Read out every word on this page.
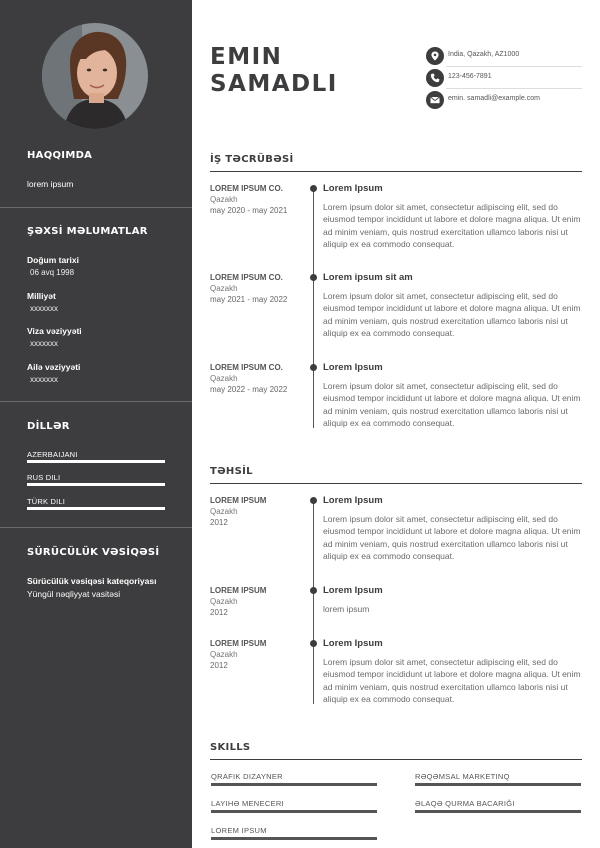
HAQQIMDA
lorem ipsum
ŞƏXSİ MƏLUMATLAR
Doğum tarixi
06 avq 1998
Milliyət
xxxxxxx
Viza vəziyyəti
xxxxxxx
Ailə vəziyyəti
xxxxxxx
DİLLƏR
AZERBAIJANI
RUS DILI
TÜRK DILI
SÜRÜCÜLÜK VƏSİQƏSİ
Sürücülük vəsiqəsi kateqoriyası
Yüngül nəqliyyat vasitəsi
EMIN
SAMADLI
India, Qazakh, AZ1000
123-456-7891
emin. samadli@example.com
İŞ TƏCRÜBƏSİ
LOREM IPSUM CO.
Qazakh
may 2020 - may 2021
Lorem Ipsum
Lorem ipsum dolor sit amet, consectetur adipiscing elit, sed do eiusmod tempor incididunt ut labore et dolore magna aliqua. Ut enim ad minim veniam, quis nostrud exercitation ullamco laboris nisi ut aliquip ex ea commodo consequat.
LOREM IPSUM CO.
Qazakh
may 2021 - may 2022
Lorem ipsum sit am
Lorem ipsum dolor sit amet, consectetur adipiscing elit, sed do eiusmod tempor incididunt ut labore et dolore magna aliqua. Ut enim ad minim veniam, quis nostrud exercitation ullamco laboris nisi ut aliquip ex ea commodo consequat.
LOREM IPSUM CO.
Qazakh
may 2022 - may 2022
Lorem Ipsum
Lorem ipsum dolor sit amet, consectetur adipiscing elit, sed do eiusmod tempor incididunt ut labore et dolore magna aliqua. Ut enim ad minim veniam, quis nostrud exercitation ullamco laboris nisi ut aliquip ex ea commodo consequat.
TƏHSİL
LOREM IPSUM
Qazakh
2012
Lorem Ipsum
Lorem ipsum dolor sit amet, consectetur adipiscing elit, sed do eiusmod tempor incididunt ut labore et dolore magna aliqua. Ut enim ad minim veniam, quis nostrud exercitation ullamco laboris nisi ut aliquip ex ea commodo consequat.
LOREM IPSUM
Qazakh
2012
Lorem Ipsum
lorem ipsum
LOREM IPSUM
Qazakh
2012
Lorem Ipsum
Lorem ipsum dolor sit amet, consectetur adipiscing elit, sed do eiusmod tempor incididunt ut labore et dolore magna aliqua. Ut enim ad minim veniam, quis nostrud exercitation ullamco laboris nisi ut aliquip ex ea commodo consequat.
SKILLS
QRAFIK DIZAYNER	RƏQƏMSAL MARKETINQ
LAYIHƏ MENECERI	ƏLAQƏ QURMA BACARIĞI
LOREM IPSUM
